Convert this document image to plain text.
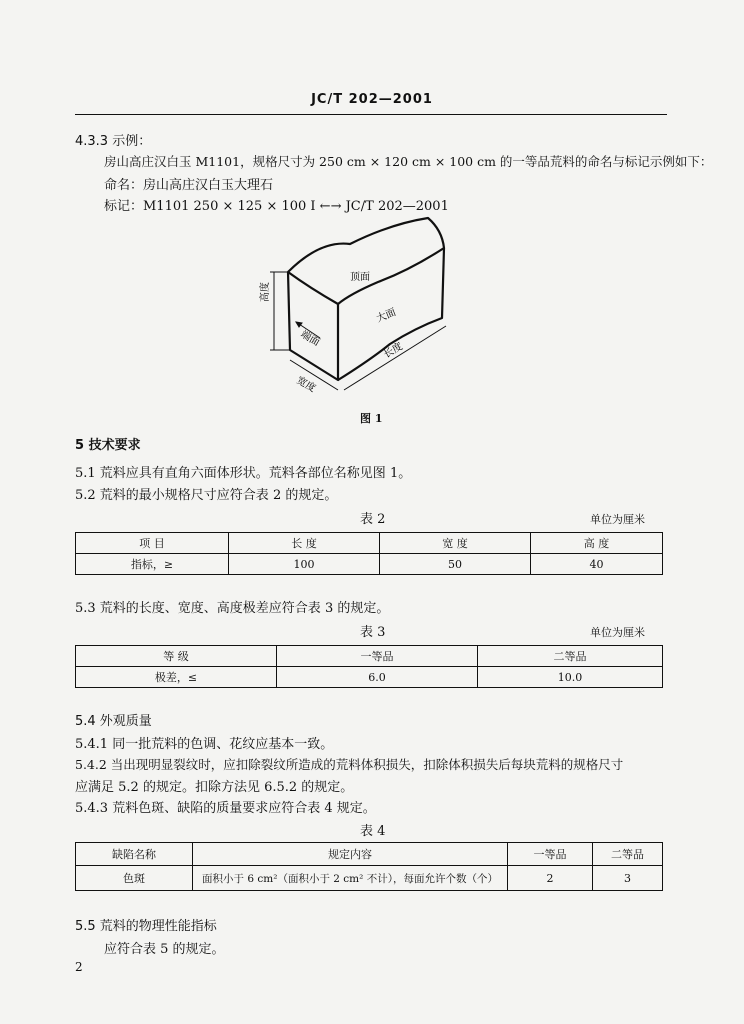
JC/T 202—2001
4.3.3 示例：
房山高庄汉白玉 M1101，规格尺寸为 250 cm × 120 cm × 100 cm 的一等品荒料的命名与标记示例如下：
命名：房山高庄汉白玉大理石
标记：M1101 250 × 125 × 100 I ←→ JC/T 202—2001
顶面
大面
端面
高度
长度
宽度
图 1
5 技术要求
5.1 荒料应具有直角六面体形状。荒料各部位名称见图 1。
5.2 荒料的最小规格尺寸应符合表 2 的规定。
表 2	单位为厘米
项 目	长 度	宽 度	高 度
指标，≥	100	50	40
5.3 荒料的长度、宽度、高度极差应符合表 3 的规定。
表 3	单位为厘米
等 级	一等品	二等品
极差，≤	6.0	10.0
5.4 外观质量
5.4.1 同一批荒料的色调、花纹应基本一致。
5.4.2 当出现明显裂纹时，应扣除裂纹所造成的荒料体积损失，扣除体积损失后每块荒料的规格尺寸
应满足 5.2 的规定。扣除方法见 6.5.2 的规定。
5.4.3 荒料色斑、缺陷的质量要求应符合表 4 规定。
表 4
缺陷名称	规定内容	一等品	二等品
色斑	面积小于 6 cm²（面积小于 2 cm² 不计），每面允许个数（个）	2	3
5.5 荒料的物理性能指标
应符合表 5 的规定。
2
